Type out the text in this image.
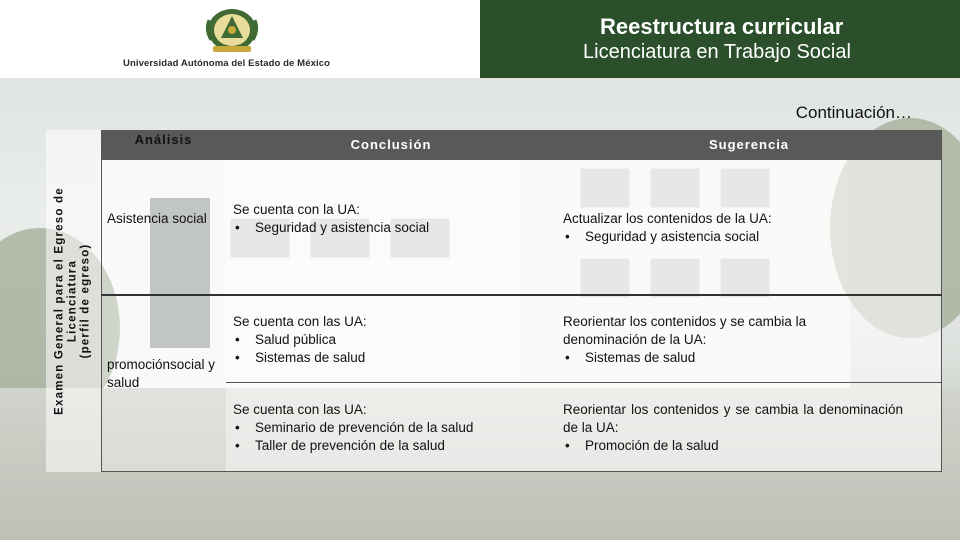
Universidad Autónoma del Estado de México
Reestructura curricular
Licenciatura en Trabajo Social
Continuación…
Examen General para el Egreso de
Licenciatura
(perfil de egreso)
Análisis	Conclusión	Sugerencia
Asistencia social
Se cuenta con la UA:
• Seguridad y asistencia social
Actualizar los contenidos de la UA:
• Seguridad y asistencia social
promociónsocial y salud
Se cuenta con las UA:
• Salud pública
• Sistemas de salud
Reorientar los contenidos y se cambia la denominación de la UA:
• Sistemas de salud
Se cuenta con las UA:
• Seminario de prevención de la salud
• Taller de prevención de la salud
Reorientar los contenidos y se cambia la denominación de la UA:
• Promoción de la salud
